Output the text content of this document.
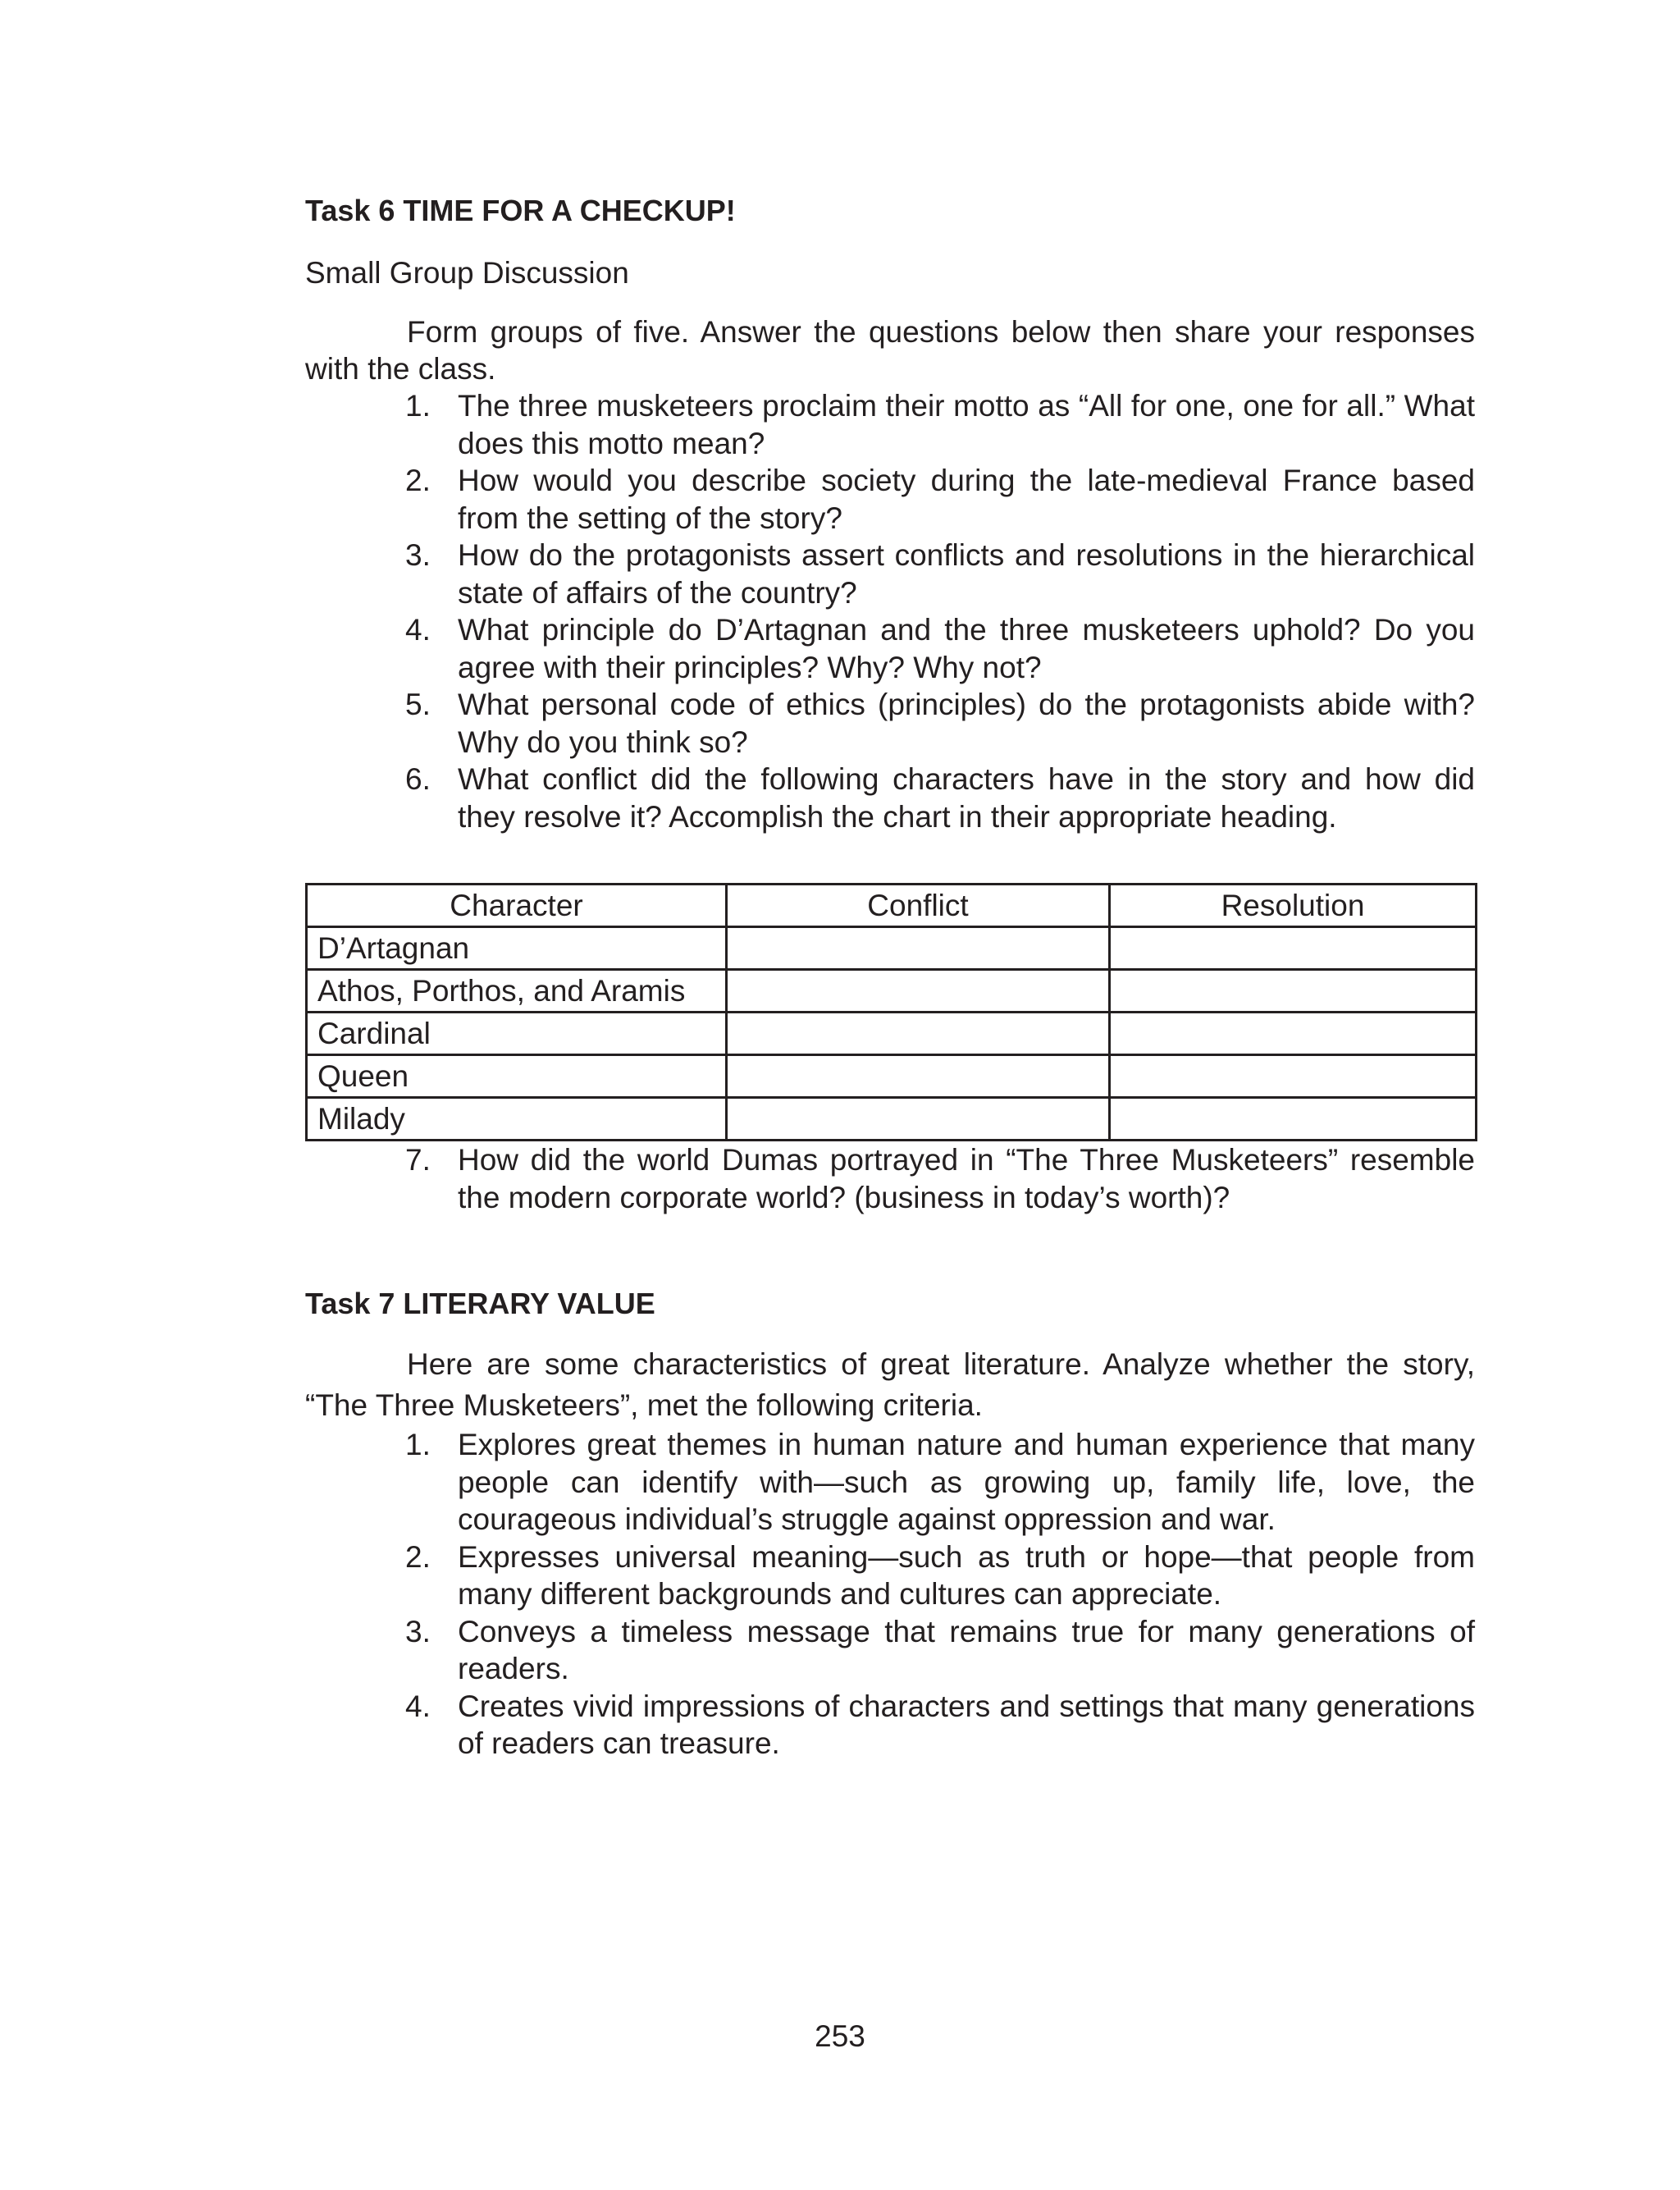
Task 6 TIME FOR A CHECKUP!

Small Group Discussion

Form groups of five. Answer the questions below then share your responses with the class.

1. The three musketeers proclaim their motto as “All for one, one for all.” What does this motto mean?
2. How would you describe society during the late-medieval France based from the setting of the story?
3. How do the protagonists assert conflicts and resolutions in the hierarchical state of affairs of the country?
4. What principle do D’Artagnan and the three musketeers uphold? Do you agree with their principles? Why? Why not?
5. What personal code of ethics (principles) do the protagonists abide with? Why do you think so?
6. What conflict did the following characters have in the story and how did they resolve it? Accomplish the chart in their appropriate heading.
Character	Conflict	Resolution
D’Artagnan		
Athos, Porthos, and Aramis		
Cardinal		
Queen		
Milady		
7. How did the world Dumas portrayed in “The Three Musketeers” resemble the modern corporate world? (business in today’s worth)?
Task 7 LITERARY VALUE

Here are some characteristics of great literature. Analyze whether the story, “The Three Musketeers”, met the following criteria.

1. Explores great themes in human nature and human experience that many people can identify with—such as growing up, family life, love, the courageous individual’s struggle against oppression and war.
2. Expresses universal meaning—such as truth or hope—that people from many different backgrounds and cultures can appreciate.
3. Conveys a timeless message that remains true for many generations of readers.
4. Creates vivid impressions of characters and settings that many generations of readers can treasure.
253
